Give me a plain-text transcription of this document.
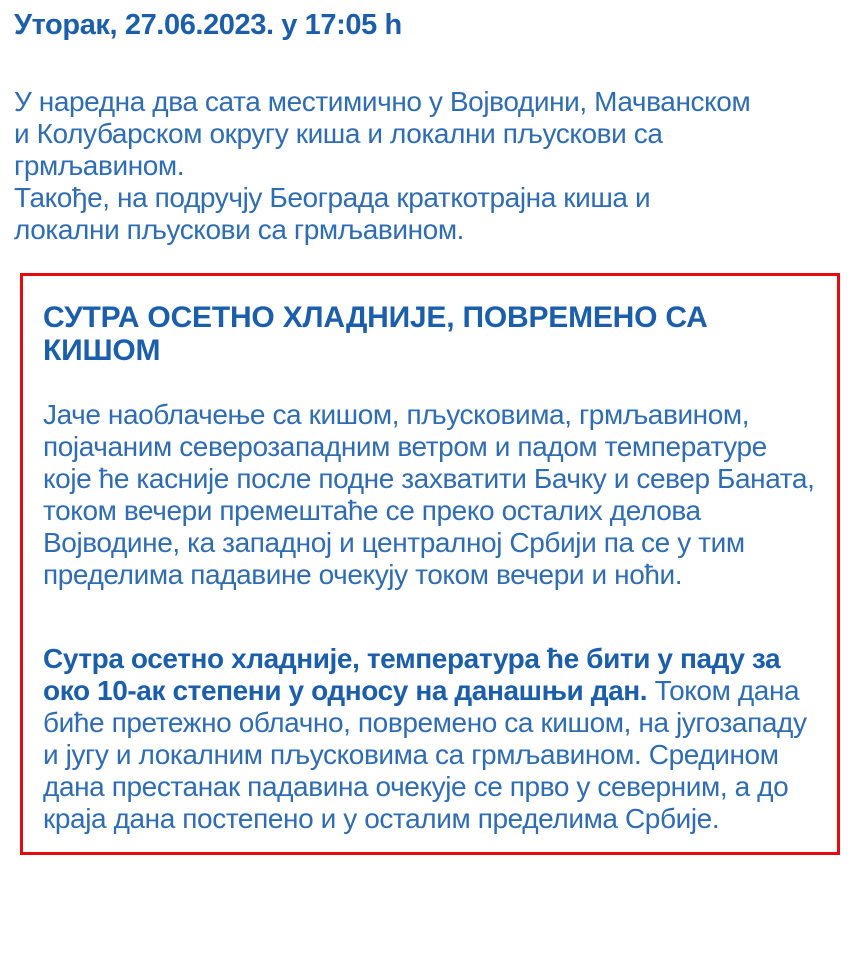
Уторак, 27.06.2023. у 17:05 h

У наредна два сата местимично у Војводини, Мачванском и Колубарском округу киша и локални пљускови са грмљавином.
Такође, на подручју Београда краткотрајна киша и локални пљускови са грмљавином.

СУТРА ОСЕТНО ХЛАДНИЈЕ, ПОВРЕМЕНО СА КИШОМ

Јаче наоблачење са кишом, пљусковима, грмљавином, појачаним северозападним ветром и падом температуре које ће касније после подне захватити Бачку и север Баната, током вечери премештаће се преко осталих делова Војводине, ка западној и централној Србији па се у тим пределима падавине очекују током вечери и ноћи.

Сутра осетно хладније, температура ће бити у паду за око 10-ак степени у односу на данашњи дан. Током дана биће претежно облачно, повремено са кишом, на југозападу и југу и локалним пљусковима са грмљавином. Средином дана престанак падавина очекује се прво у северним, а до краја дана постепено и у осталим пределима Србије.
